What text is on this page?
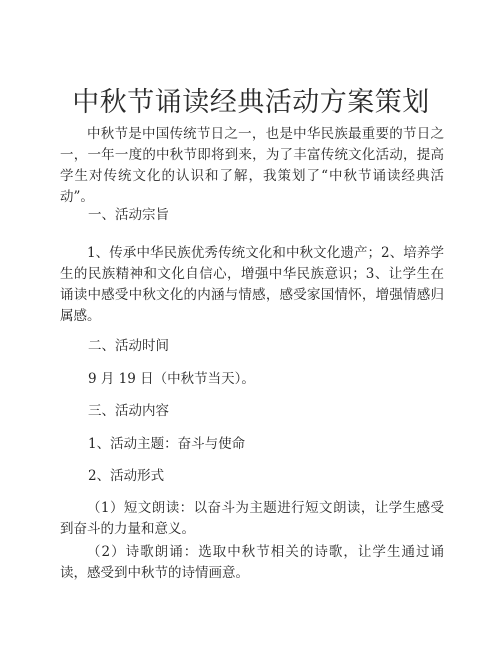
中秋节诵读经典活动方案策划

中秋节是中国传统节日之一，也是中华民族最重要的节日之一，一年一度的中秋节即将到来，为了丰富传统文化活动，提高学生对传统文化的认识和了解，我策划了“中秋节诵读经典活动”。

一、活动宗旨

1、传承中华民族优秀传统文化和中秋文化遗产；2、培养学生的民族精神和文化自信心，增强中华民族意识；3、让学生在诵读中感受中秋文化的内涵与情感，感受家国情怀，增强情感归属感。

二、活动时间
9 月 19 日（中秋节当天）。
三、活动内容
1、活动主题：奋斗与使命
2、活动形式

（1）短文朗读：以奋斗为主题进行短文朗读，让学生感受到奋斗的力量和意义。

（2）诗歌朗诵：选取中秋节相关的诗歌，让学生通过诵读，感受到中秋节的诗情画意。
